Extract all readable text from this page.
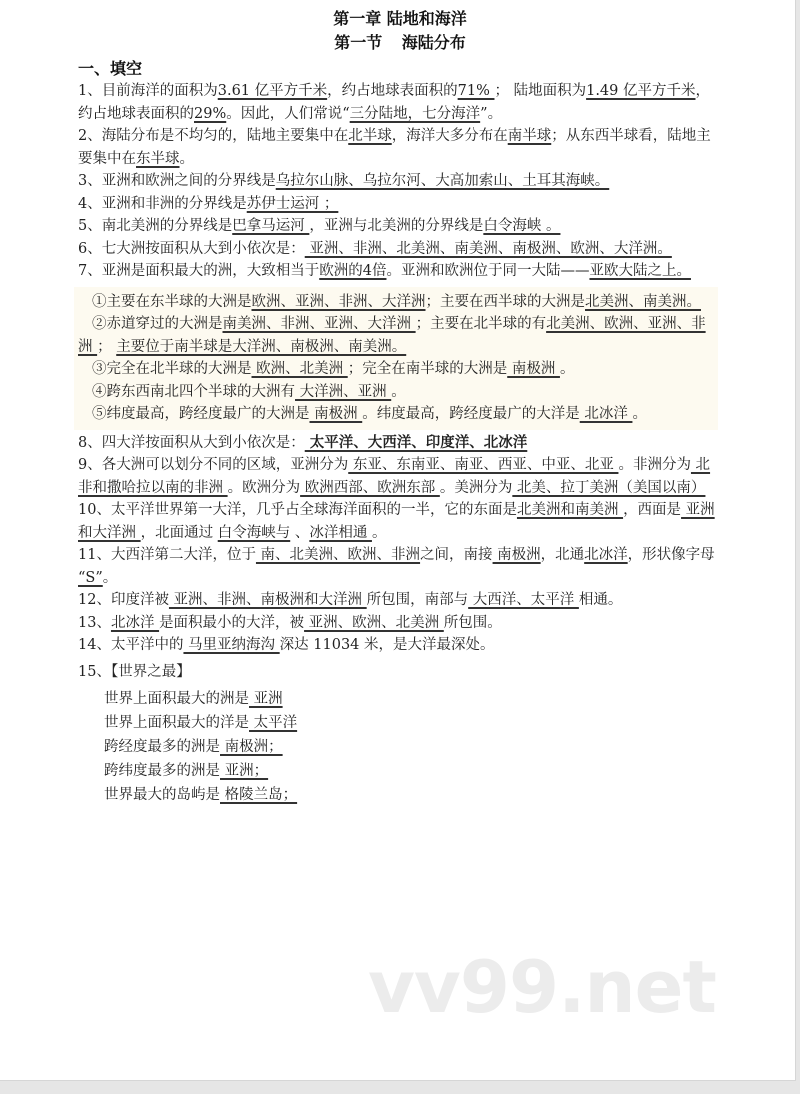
第一章 陆地和海洋
第一节 海陆分布
一、填空

1、目前海洋的面积为3.61 亿平方千米，约占地球表面积的71% ； 陆地面积为1.49 亿平方千米，约占地球表面积的29%。因此，人们常说“三分陆地，七分海洋”。

2、海陆分布是不均匀的，陆地主要集中在北半球，海洋大多分布在南半球；从东西半球看，陆地主要集中在东半球。

3、亚洲和欧洲之间的分界线是乌拉尔山脉、乌拉尔河、大高加索山、土耳其海峡。

4、亚洲和非洲的分界线是苏伊士运河 ；

5、南北美洲的分界线是巴拿马运河 ，亚洲与北美洲的分界线是白令海峡 。

6、七大洲按面积从大到小依次是： 亚洲、非洲、北美洲、南美洲、南极洲、欧洲、大洋洲。

7、亚洲是面积最大的洲，大致相当于欧洲的4倍。亚洲和欧洲位于同一大陆——亚欧大陆之上。

①主要在东半球的大洲是欧洲、亚洲、非洲、大洋洲；主要在西半球的大洲是北美洲、南美洲。

②赤道穿过的大洲是南美洲、非洲、亚洲、大洋洲 ；主要在北半球的有北美洲、欧洲、亚洲、非洲 ； 主要位于南半球是大洋洲、南极洲、南美洲。

③完全在北半球的大洲是 欧洲、北美洲 ；完全在南半球的大洲是 南极洲 。

④跨东西南北四个半球的大洲有 大洋洲、亚洲 。

⑤纬度最高，跨经度最广的大洲是 南极洲 。纬度最高，跨经度最广的大洋是 北冰洋 。

8、四大洋按面积从大到小依次是： 太平洋、大西洋、印度洋、北冰洋

9、各大洲可以划分不同的区域，亚洲分为 东亚、东南亚、南亚、西亚、中亚、北亚 。非洲分为 北非和撒哈拉以南的非洲 。欧洲分为 欧洲西部、欧洲东部 。美洲分为 北美、拉丁美洲（美国以南）

10、太平洋世界第一大洋，几乎占全球海洋面积的一半，它的东面是北美洲和南美洲 ，西面是 亚洲和大洋洲 ，北面通过 白令海峡与 、冰洋相通 。

11、大西洋第二大洋，位于 南、北美洲、欧洲、非洲之间，南接 南极洲，北通北冰洋，形状像字母 “S”。

12、印度洋被 亚洲、非洲、南极洲和大洋洲 所包围，南部与 大西洋、太平洋 相通。

13、北冰洋 是面积最小的大洋，被 亚洲、欧洲、北美洲 所包围。

14、太平洋中的 马里亚纳海沟 深达 11034 米，是大洋最深处。

15、【世界之最】

世界上面积最大的洲是 亚洲
世界上面积最大的洋是 太平洋
跨经度最多的洲是 南极洲；
跨纬度最多的洲是 亚洲；
世界最大的岛屿是 格陵兰岛；
vv99.net
